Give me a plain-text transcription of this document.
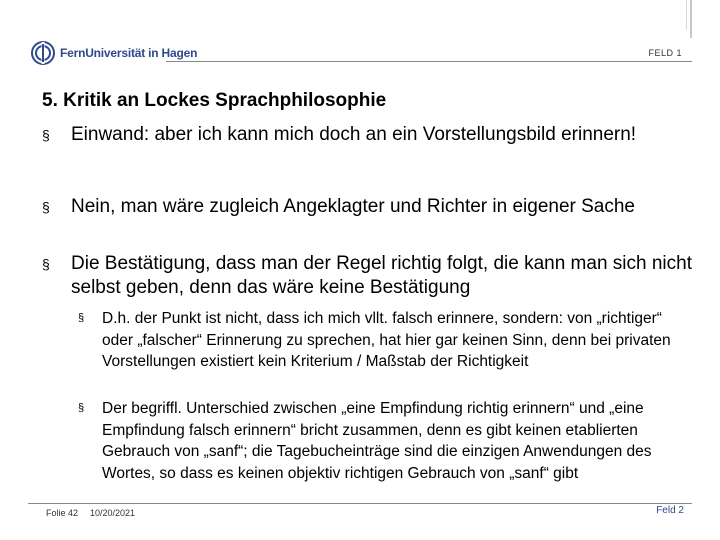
FernUniversität in Hagen	FELD 1
5. Kritik an Lockes Sprachphilosophie
§ Einwand: aber ich kann mich doch an ein Vorstellungsbild erinnern!
§ Nein, man wäre zugleich Angeklagter und Richter in eigener Sache
§ Die Bestätigung, dass man der Regel richtig folgt, die kann man sich nicht selbst geben, denn das wäre keine Bestätigung
§ D.h. der Punkt ist nicht, dass ich mich vllt. falsch erinnere, sondern: von „richtiger“ oder „falscher“ Erinnerung zu sprechen, hat hier gar keinen Sinn, denn bei privaten Vorstellungen existiert kein Kriterium / Maßstab der Richtigkeit
§ Der begriffl. Unterschied zwischen „eine Empfindung richtig erinnern“ und „eine Empfindung falsch erinnern“ bricht zusammen, denn es gibt keinen etablierten Gebrauch von „sanf“; die Tagebucheinträge sind die einzigen Anwendungen des Wortes, so dass es keinen objektiv richtigen Gebrauch von „sanf“ gibt
Folie 42 10/20/2021	Feld 2
